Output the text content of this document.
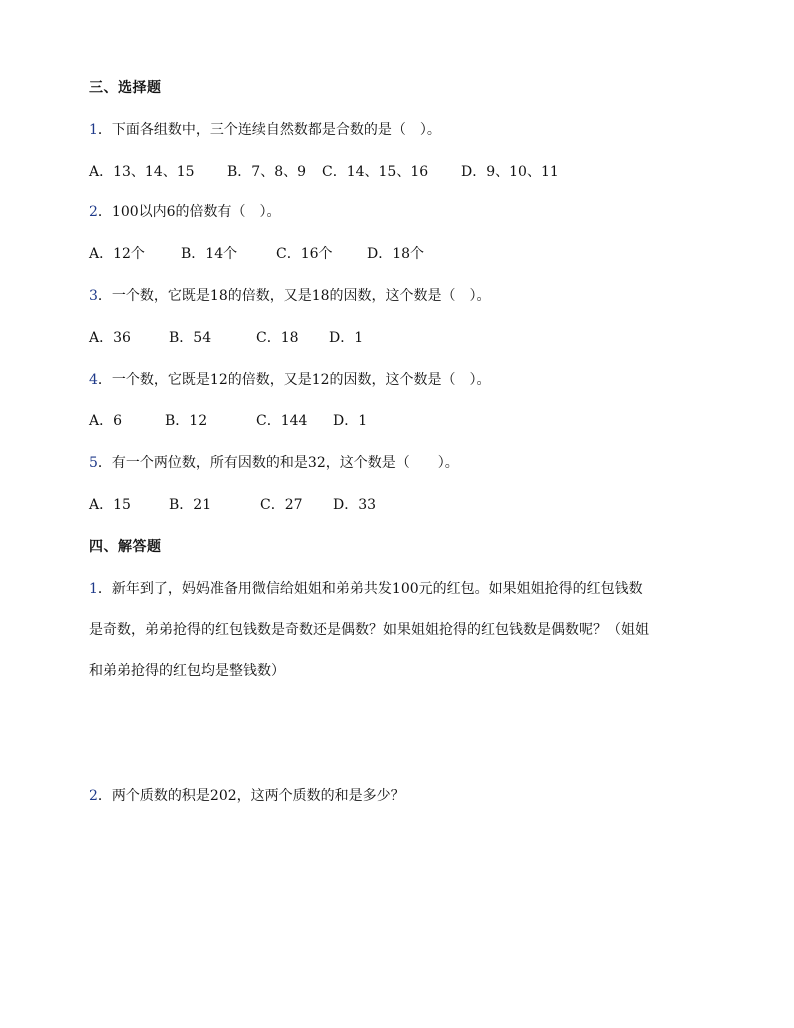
三、选择题
1．下面各组数中，三个连续自然数都是合数的是（　）。
A．13、14、15 B．7、8、9 C．14、15、16 D．9、10、11
2．100以内6的倍数有（　）。
A．12个	B．14个	C．16个 D．18个
3．一个数，它既是18的倍数，又是18的因数，这个数是（　）。
A．36	B．54	C．18 D．1
4．一个数，它既是12的倍数，又是12的因数，这个数是（　）。
A．6	B．12	C．144 D．1
5．有一个两位数，所有因数的和是32，这个数是（　　）。
A．15	B．21	C．27 D．33
四、解答题
1．新年到了，妈妈准备用微信给姐姐和弟弟共发100元的红包。如果姐姐抢得的红包钱数
是奇数，弟弟抢得的红包钱数是奇数还是偶数？如果姐姐抢得的红包钱数是偶数呢？（姐姐
和弟弟抢得的红包均是整钱数）
2．两个质数的积是202，这两个质数的和是多少？
